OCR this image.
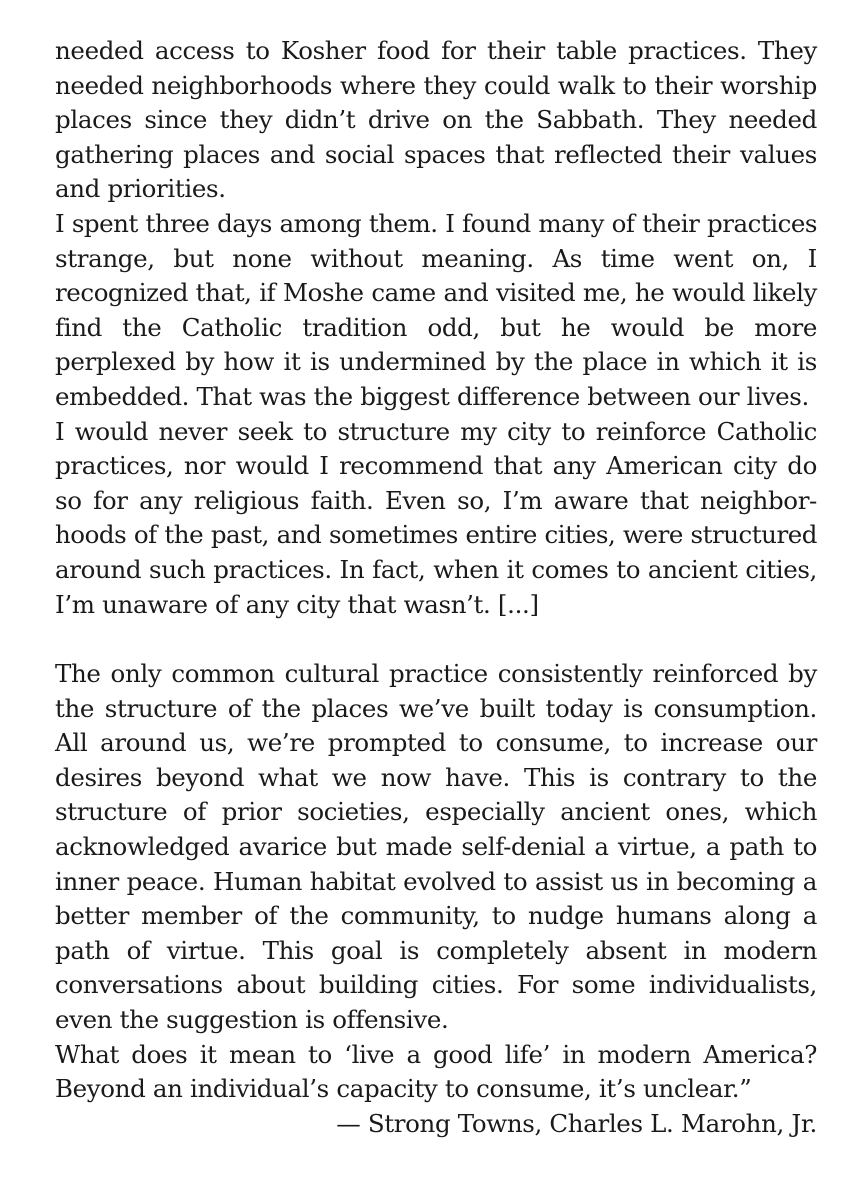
needed access to Kosher food for their table practices. They
needed neighborhoods where they could walk to their worship
places since they didn’t drive on the Sabbath. They needed
gathering places and social spaces that reflected their values
and priorities.
I spent three days among them. I found many of their practices
strange, but none without meaning. As time went on, I
recognized that, if Moshe came and visited me, he would likely
find the Catholic tradition odd, but he would be more
perplexed by how it is undermined by the place in which it is
embedded. That was the biggest difference between our lives.
I would never seek to structure my city to reinforce Catholic
practices, nor would I recommend that any American city do
so for any religious faith. Even so, I’m aware that neighbor-
hoods of the past, and sometimes entire cities, were structured
around such practices. In fact, when it comes to ancient cities,
I’m unaware of any city that wasn’t. [...]
The only common cultural practice consistently reinforced by
the structure of the places we’ve built today is consumption.
All around us, we’re prompted to consume, to increase our
desires beyond what we now have. This is contrary to the
structure of prior societies, especially ancient ones, which
acknowledged avarice but made self-denial a virtue, a path to
inner peace. Human habitat evolved to assist us in becoming a
better member of the community, to nudge humans along a
path of virtue. This goal is completely absent in modern
conversations about building cities. For some individualists,
even the suggestion is offensive.
What does it mean to ‘live a good life’ in modern America?
Beyond an individual’s capacity to consume, it’s unclear.”
— Strong Towns, Charles L. Marohn, Jr.
